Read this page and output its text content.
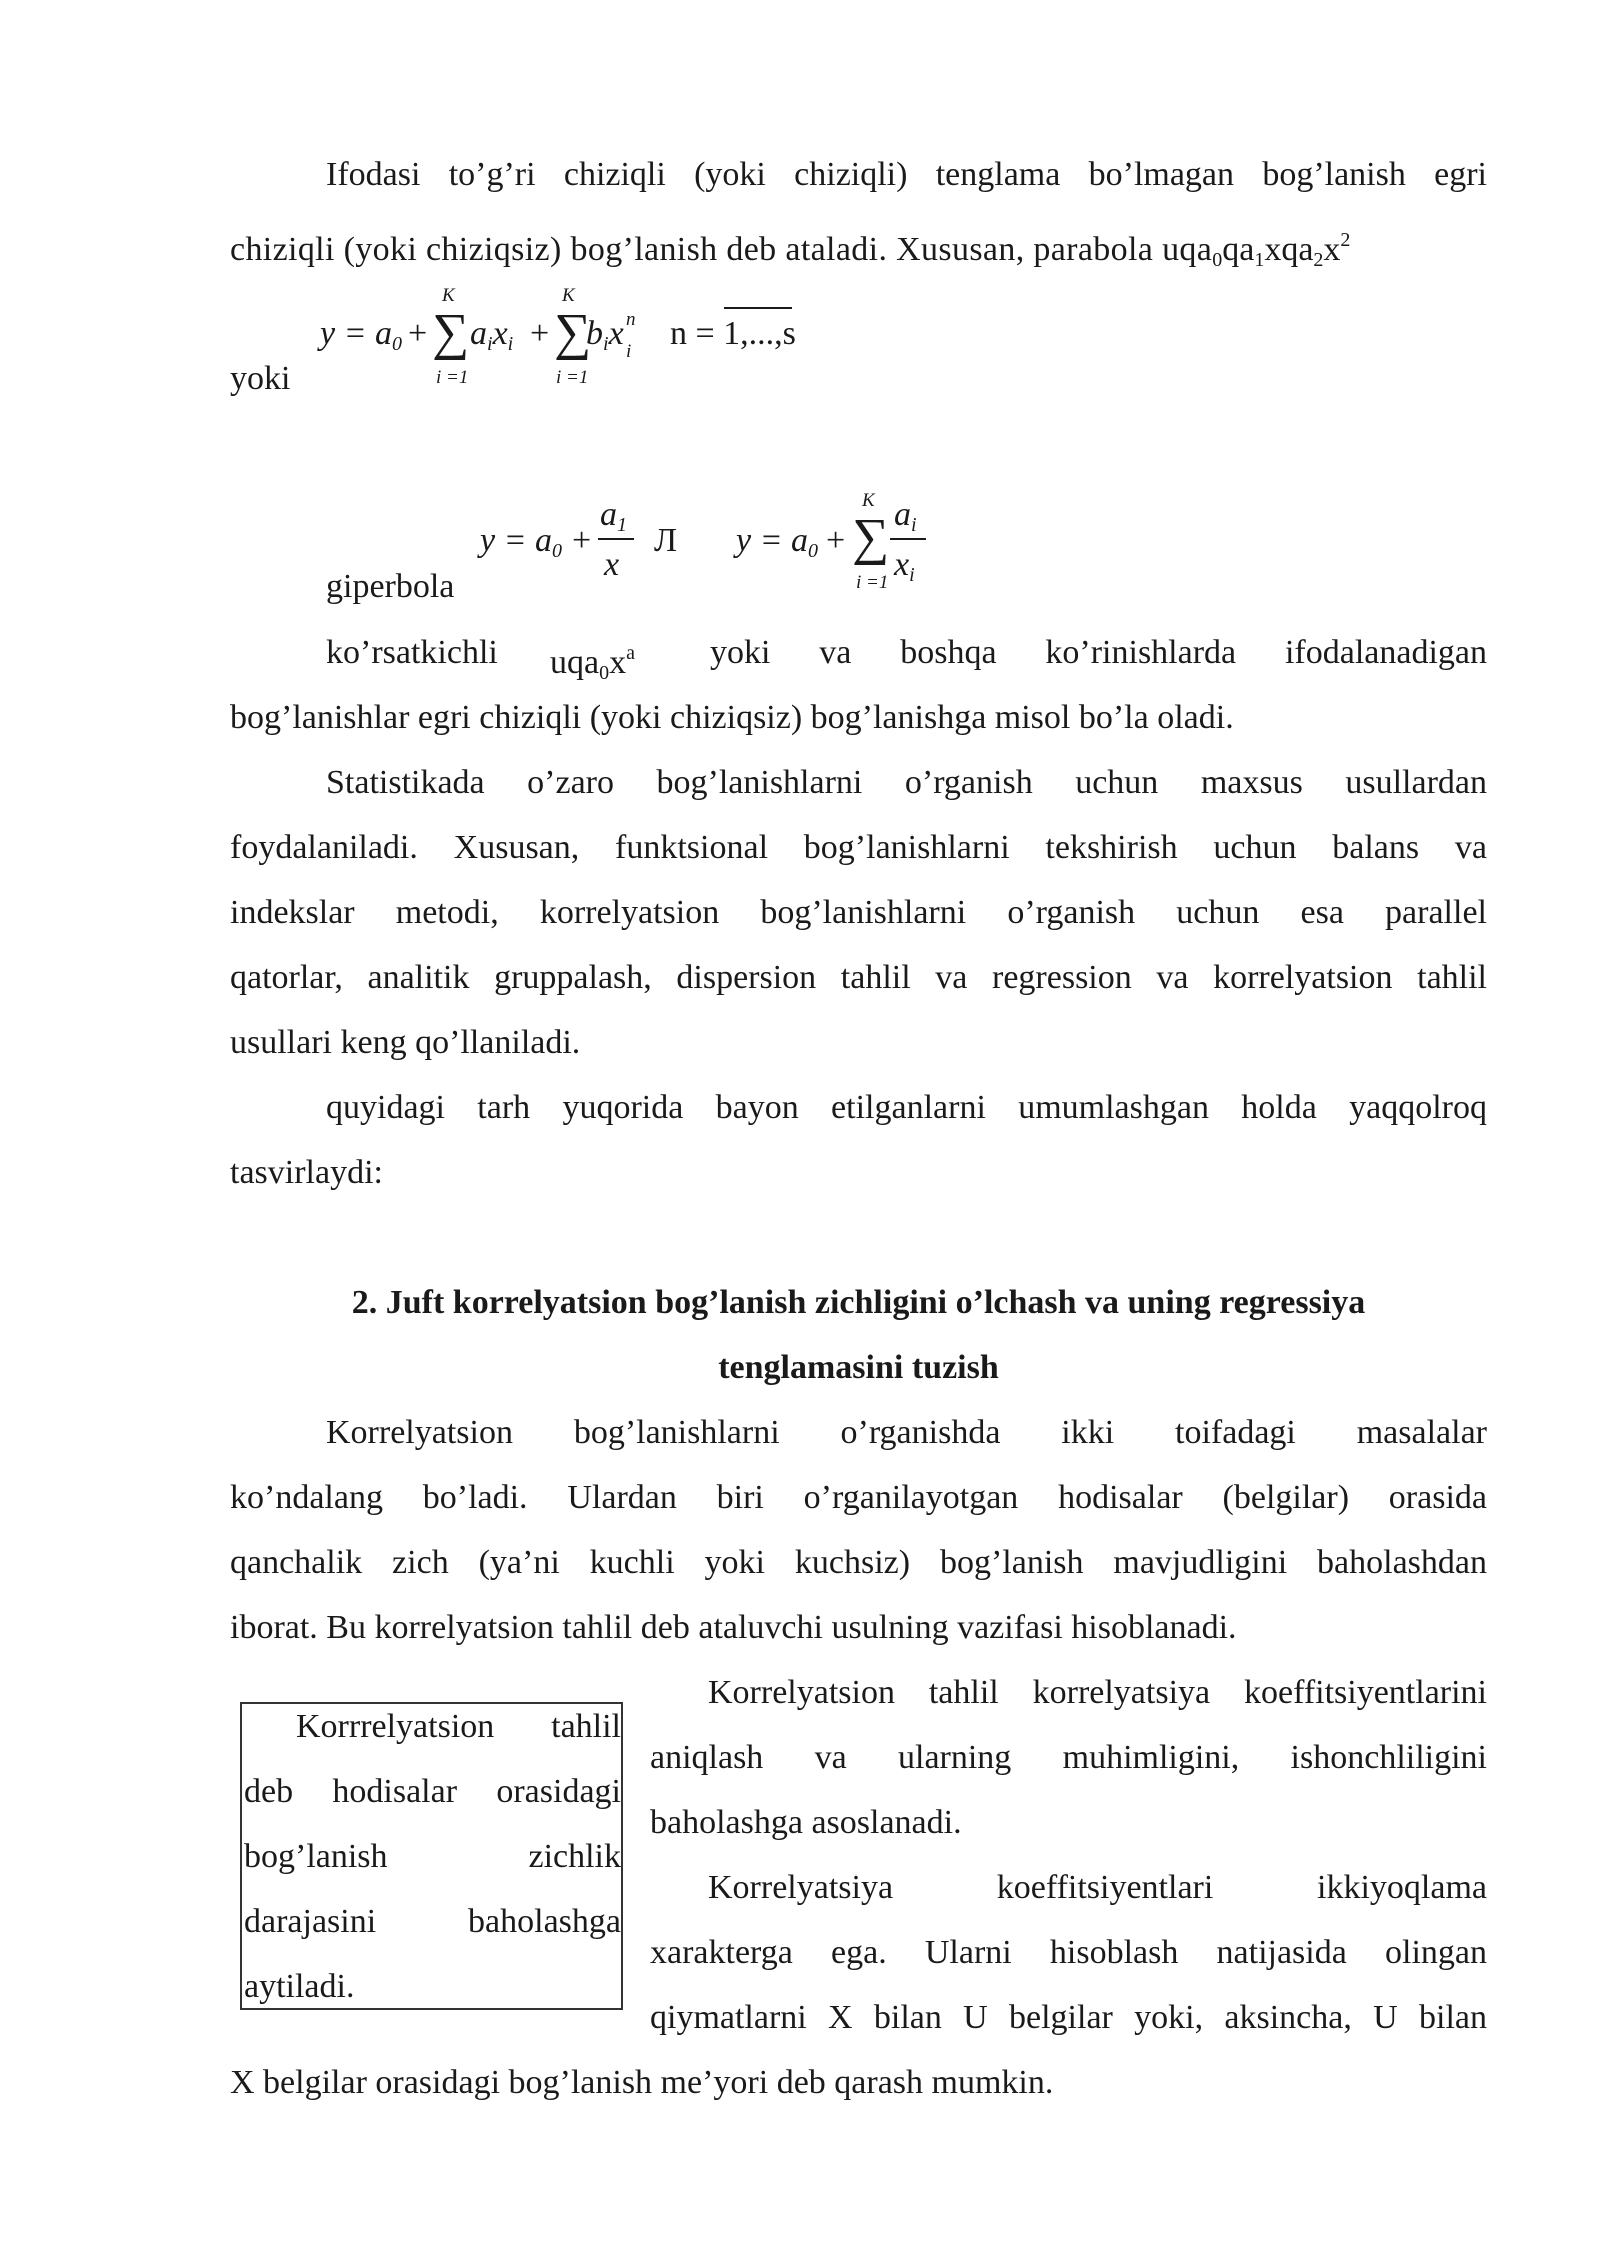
Ifodasi to’g’ri chiziqli (yoki chiziqli) tenglama bo’lmagan bog’lanish egri
chiziqli (yoki chiziqsiz) bog’lanish deb ataladi. Xususan, parabola $uqa_0qa_1xqa_2x^2$
yoki
$y = a_0$ + ∑
K
i =1
$a_ix_i$ + ∑
K
i =1
$b_ix$ n
i n = 1,...,s
giperbola
$y = a_0$ +
$a_1$
x
Л $y = a_0$ + ∑
K
i =1
$a_i$
$x_i$
ko’rsatkichli $uqa_0x^a$ yoki va boshqa ko’rinishlarda ifodalanadigan
bog’lanishlar egri chiziqli (yoki chiziqsiz) bog’lanishga misol bo’la oladi.
Statistikada o’zaro bog’lanishlarni o’rganish uchun maxsus usullardan
foydalaniladi. Xususan, funktsional bog’lanishlarni tekshirish uchun balans va
indekslar metodi, korrelyatsion bog’lanishlarni o’rganish uchun esa parallel
qatorlar, analitik gruppalash, dispersion tahlil va regression va korrelyatsion tahlil
usullari keng qo’llaniladi.
quyidagi tarh yuqorida bayon etilganlarni umumlashgan holda yaqqolroq
tasvirlaydi:
2. Juft korrelyatsion bog’lanish zichligini o’lchash va uning regressiya
tenglamasini tuzish
Korrelyatsion bog’lanishlarni o’rganishda ikki toifadagi masalalar
ko’ndalang bo’ladi. Ulardan biri o’rganilayotgan hodisalar (belgilar) orasida
qanchalik zich (ya’ni kuchli yoki kuchsiz) bog’lanish mavjudligini baholashdan
iborat. Bu korrelyatsion tahlil deb ataluvchi usulning vazifasi hisoblanadi.
Korrrelyatsion tahlil
deb hodisalar orasidagi
bog’lanish zichlik
darajasini baholashga
aytiladi.
Korrelyatsion tahlil korrelyatsiya koeffitsiyentlarini
aniqlash va ularning muhimligini, ishonchliligini
baholashga asoslanadi.
Korrelyatsiya koeffitsiyentlari ikkiyoqlama
xarakterga ega. Ularni hisoblash natijasida olingan
qiymatlarni X bilan U belgilar yoki, aksincha, U bilan
X belgilar orasidagi bog’lanish me’yori deb qarash mumkin.
